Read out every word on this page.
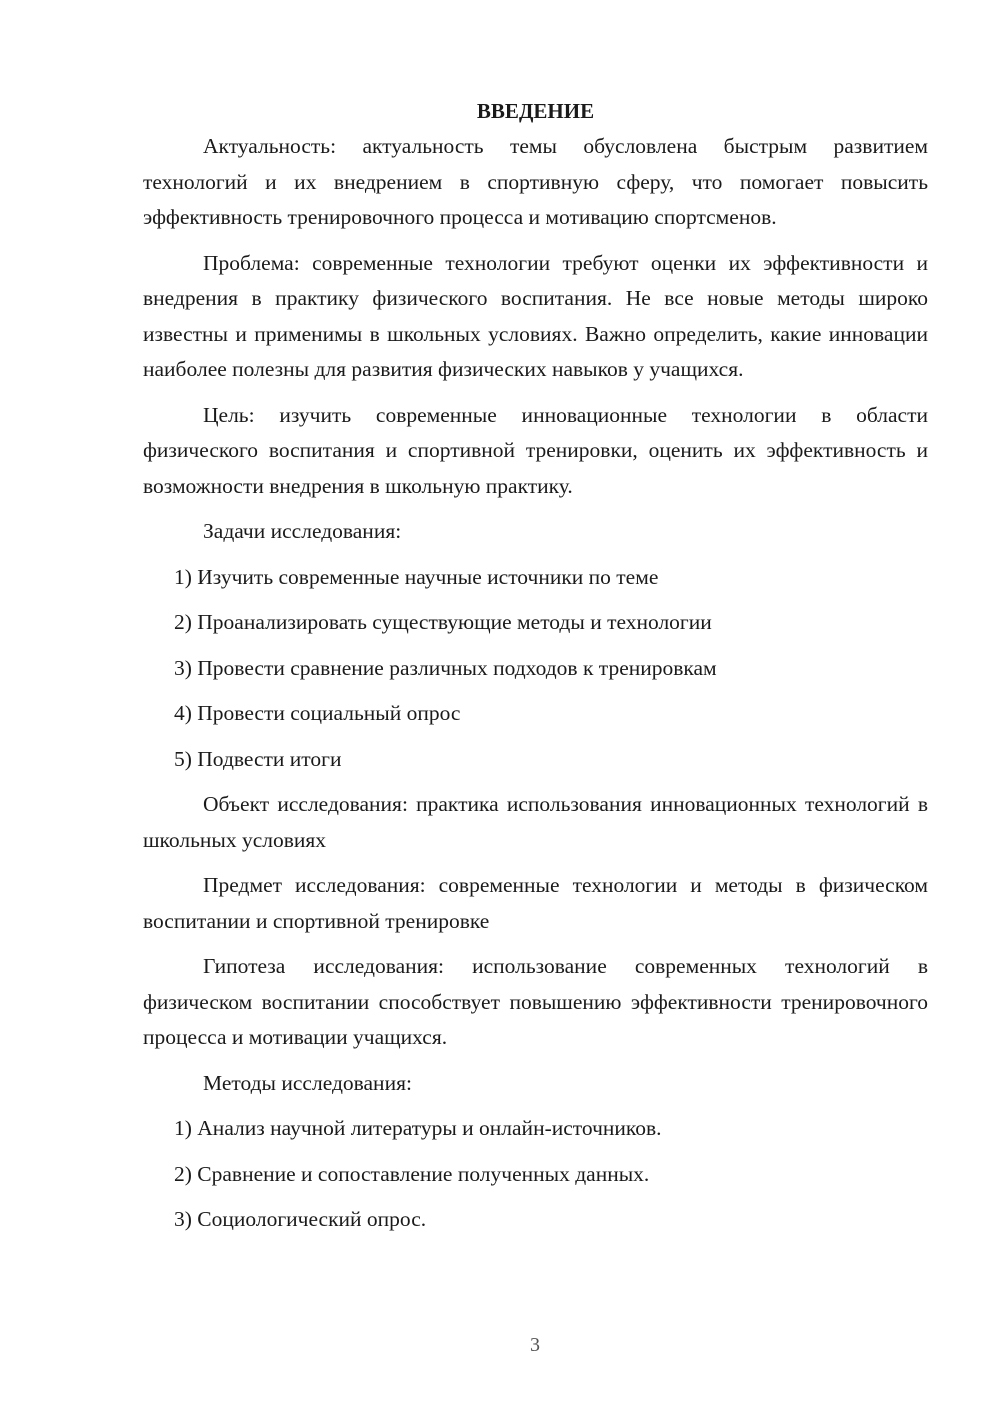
ВВЕДЕНИЕ

Актуальность: актуальность темы обусловлена быстрым развитием технологий и их внедрением в спортивную сферу, что помогает повысить эффективность тренировочного процесса и мотивацию спортсменов.

Проблема: современные технологии требуют оценки их эффективности и внедрения в практику физического воспитания. Не все новые методы широко известны и применимы в школьных условиях. Важно определить, какие инновации наиболее полезны для развития физических навыков у учащихся.

Цель: изучить современные инновационные технологии в области физического воспитания и спортивной тренировки, оценить их эффективность и возможности внедрения в школьную практику.

Задачи исследования:

1) Изучить современные научные источники по теме

2) Проанализировать существующие методы и технологии

3) Провести сравнение различных подходов к тренировкам

4) Провести социальный опрос

5) Подвести итоги

Объект исследования: практика использования инновационных технологий в школьных условиях

Предмет исследования: современные технологии и методы в физическом воспитании и спортивной тренировке

Гипотеза исследования: использование современных технологий в физическом воспитании способствует повышению эффективности тренировочного процесса и мотивации учащихся.

Методы исследования:

1) Анализ научной литературы и онлайн-источников.

2) Сравнение и сопоставление полученных данных.

3) Социологический опрос.

3
